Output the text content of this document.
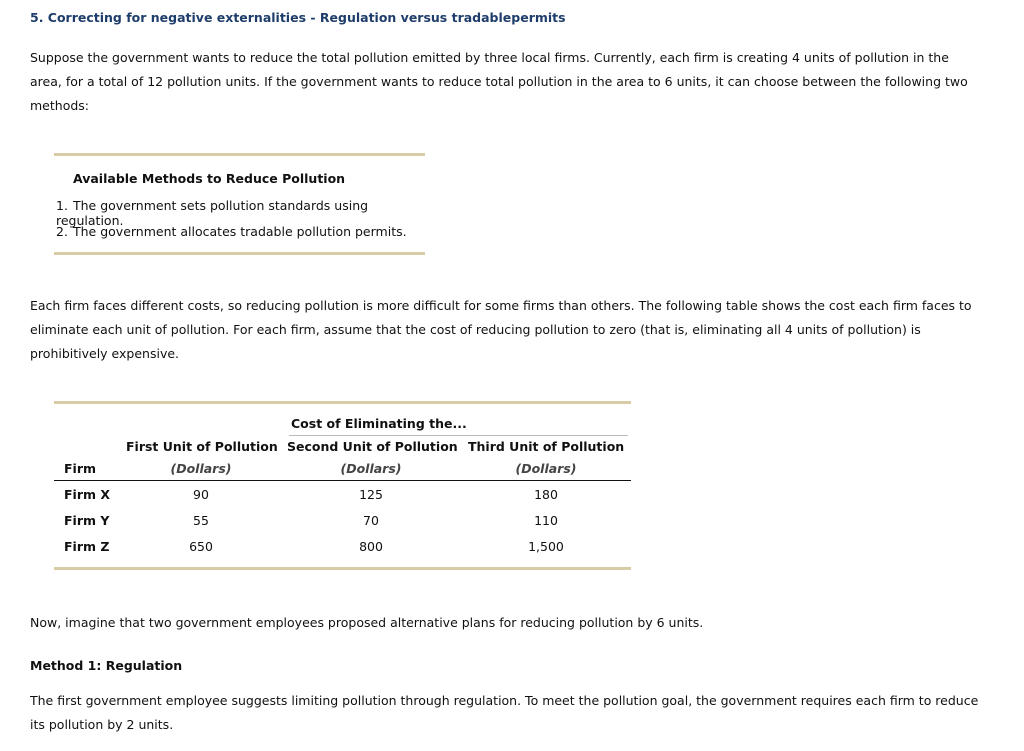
5. Correcting for negative externalities - Regulation versus tradablepermits

Suppose the government wants to reduce the total pollution emitted by three local firms. Currently, each firm is creating 4 units of pollution in the area, for a total of 12 pollution units. If the government wants to reduce total pollution in the area to 6 units, it can choose between the following two methods:

Available Methods to Reduce Pollution
1. The government sets pollution standards using regulation.
2. The government allocates tradable pollution permits.

Each firm faces different costs, so reducing pollution is more difficult for some firms than others. The following table shows the cost each firm faces to eliminate each unit of pollution. For each firm, assume that the cost of reducing pollution to zero (that is, eliminating all 4 units of pollution) is prohibitively expensive.

Cost of Eliminating the...
First Unit of Pollution Second Unit of Pollution Third Unit of Pollution
Firm	(Dollars)	(Dollars)	(Dollars)
Firm X	90	125	180
Firm Y	55	70	110
Firm Z	650	800	1,500

Now, imagine that two government employees proposed alternative plans for reducing pollution by 6 units.

Method 1: Regulation

The first government employee suggests limiting pollution through regulation. To meet the pollution goal, the government requires each firm to reduce its pollution by 2 units.
